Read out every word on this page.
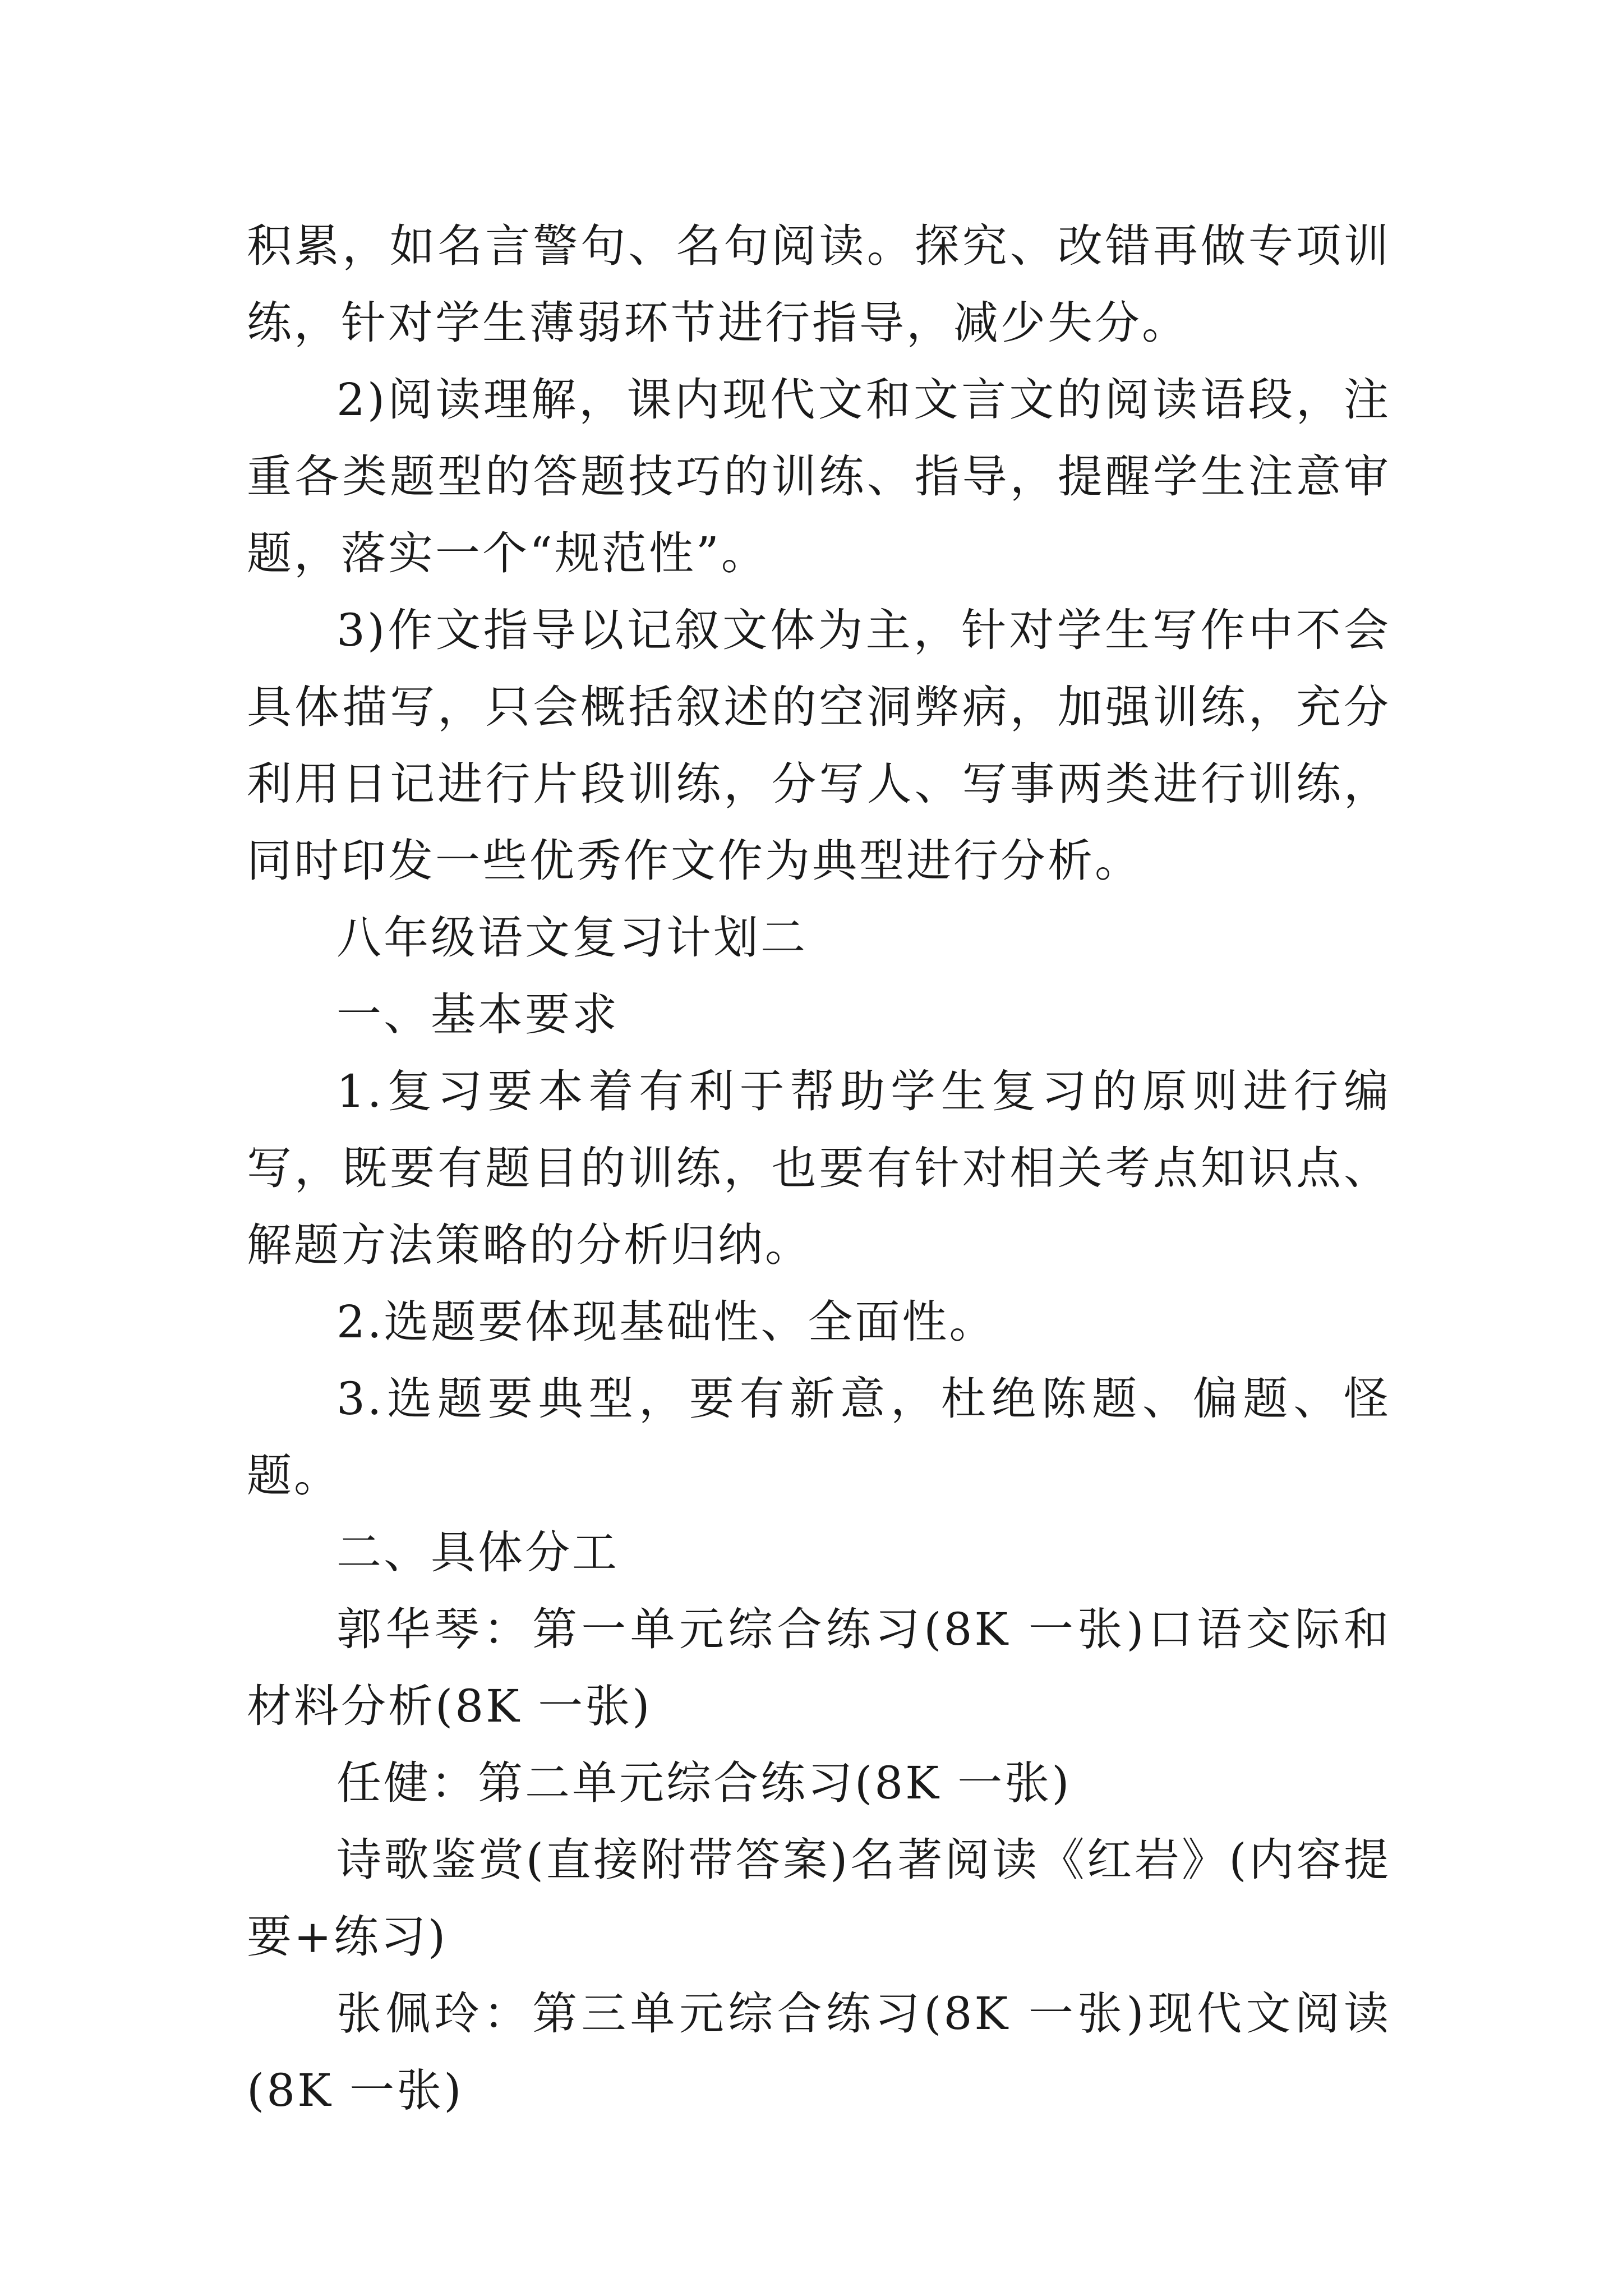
积累，如名言警句、名句阅读。探究、改错再做专项训练，针对学生薄弱环节进行指导，减少失分。

2)阅读理解，课内现代文和文言文的阅读语段，注重各类题型的答题技巧的训练、指导，提醒学生注意审题，落实一个“规范性”。

3)作文指导以记叙文体为主，针对学生写作中不会具体描写，只会概括叙述的空洞弊病，加强训练，充分利用日记进行片段训练，分写人、写事两类进行训练，同时印发一些优秀作文作为典型进行分析。

八年级语文复习计划二

一、基本要求

1.复习要本着有利于帮助学生复习的原则进行编写，既要有题目的训练，也要有针对相关考点知识点、解题方法策略的分析归纳。

2.选题要体现基础性、全面性。

3.选题要典型，要有新意，杜绝陈题、偏题、怪题。

二、具体分工

郭华琴：第一单元综合练习(8K 一张)口语交际和材料分析(8K 一张)

任健：第二单元综合练习(8K 一张)

诗歌鉴赏(直接附带答案)名著阅读《红岩》(内容提要+练习)

张佩玲：第三单元综合练习(8K 一张)现代文阅读(8K 一张)
